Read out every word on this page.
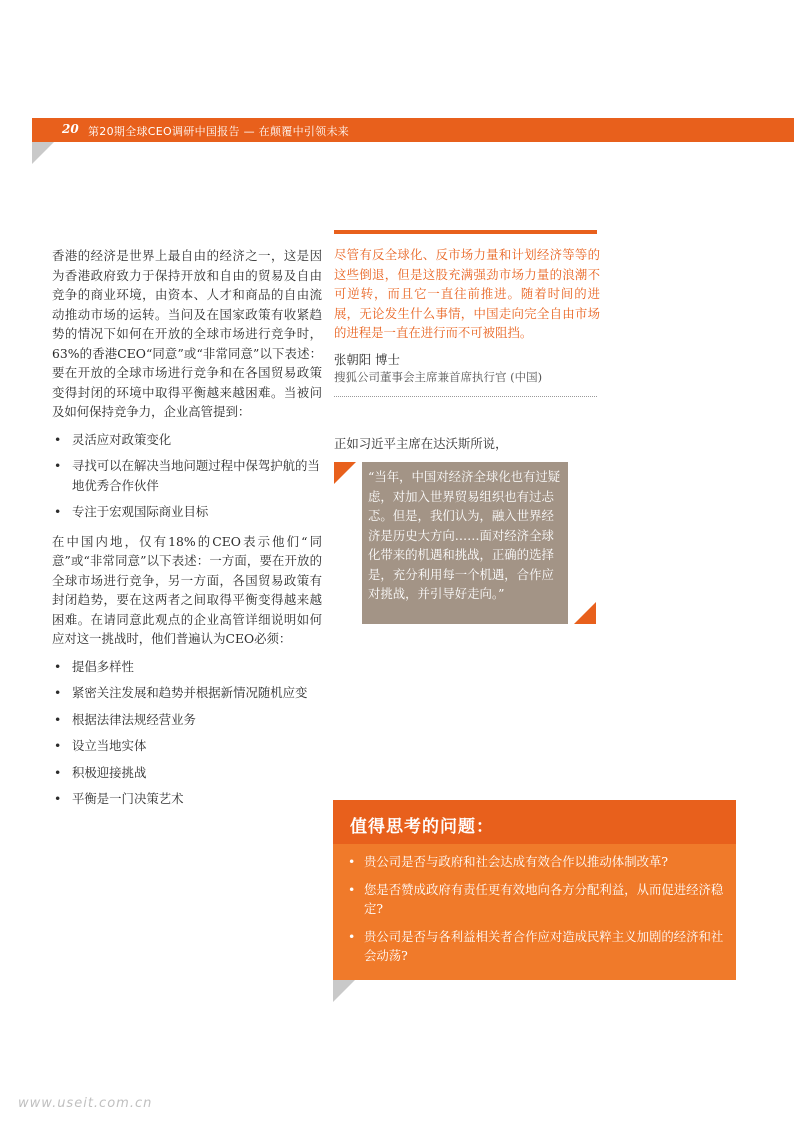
20 第20期全球CEO调研中国报告 — 在颠覆中引领未来

香港的经济是世界上最自由的经济之一，这是因为香港政府致力于保持开放和自由的贸易及自由竞争的商业环境，由资本、人才和商品的自由流动推动市场的运转。当问及在国家政策有收紧趋势的情况下如何在开放的全球市场进行竞争时，63%的香港CEO“同意”或“非常同意”以下表述：要在开放的全球市场进行竞争和在各国贸易政策变得封闭的环境中取得平衡越来越困难。当被问及如何保持竞争力，企业高管提到：

• 灵活应对政策变化
• 寻找可以在解决当地问题过程中保驾护航的当地优秀合作伙伴
• 专注于宏观国际商业目标

在中国内地，仅有18%的CEO表示他们“同意”或“非常同意”以下表述：一方面，要在开放的全球市场进行竞争，另一方面，各国贸易政策有封闭趋势，要在这两者之间取得平衡变得越来越困难。在请同意此观点的企业高管详细说明如何应对这一挑战时，他们普遍认为CEO必须：

• 提倡多样性
• 紧密关注发展和趋势并根据新情况随机应变
• 根据法律法规经营业务
• 设立当地实体
• 积极迎接挑战
• 平衡是一门决策艺术
尽管有反全球化、反市场力量和计划经济等等的这些倒退，但是这股充满强劲市场力量的浪潮不可逆转，而且它一直往前推进。随着时间的进展，无论发生什么事情，中国走向完全自由市场的进程是一直在进行而不可被阻挡。
张朝阳 博士
搜狐公司董事会主席兼首席执行官 (中国)
正如习近平主席在达沃斯所说，
“当年，中国对经济全球化也有过疑虑，对加入世界贸易组织也有过忐忑。但是，我们认为，融入世界经济是历史大方向……面对经济全球化带来的机遇和挑战，正确的选择是，充分利用每一个机遇，合作应对挑战，并引导好走向。”
值得思考的问题：
• 贵公司是否与政府和社会达成有效合作以推动体制改革?
• 您是否赞成政府有责任更有效地向各方分配利益，从而促进经济稳定?
• 贵公司是否与各利益相关者合作应对造成民粹主义加剧的经济和社会动荡?
www.useit.com.cn
